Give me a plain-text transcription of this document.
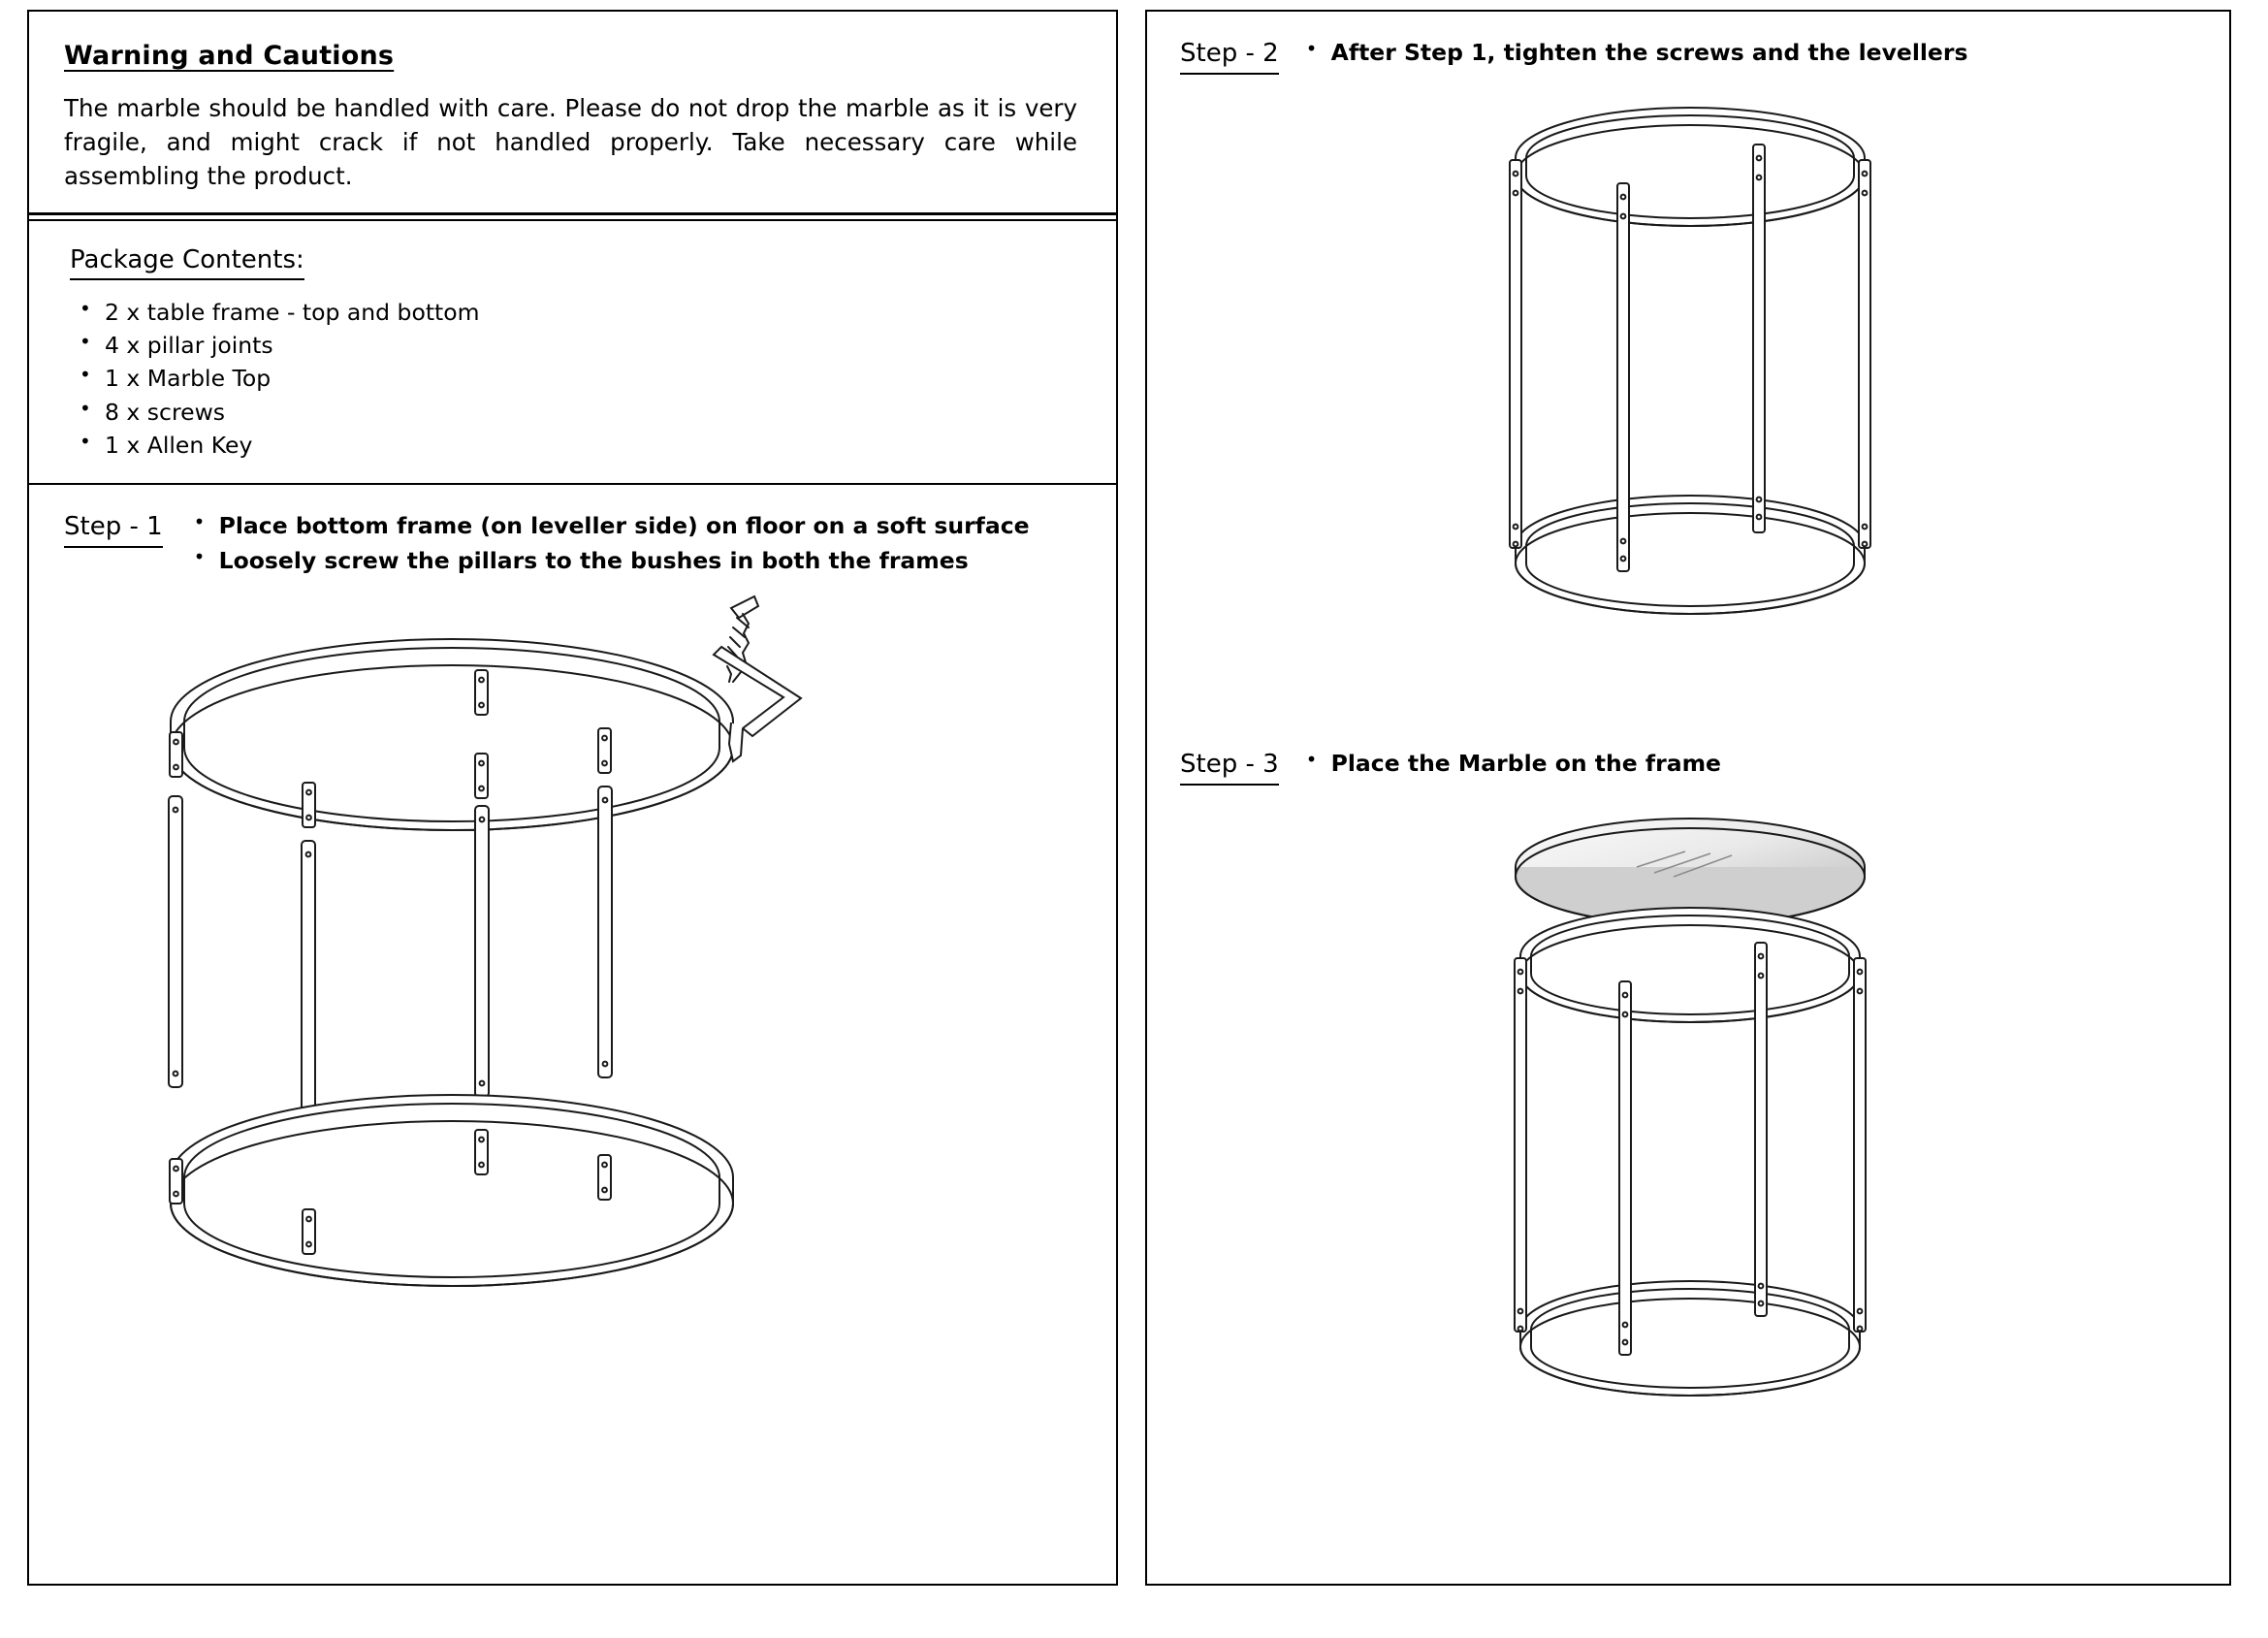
Warning and Cautions

The marble should be handled with care. Please do not drop the marble as it is very fragile, and might crack if not handled properly. Take necessary care while assembling the product.

Package Contents:
• 2 x table frame - top and bottom
• 4 x pillar joints
• 1 x Marble Top
• 8 x screws
• 1 x Allen Key
Step - 1	• Place bottom frame (on leveller side) on floor on a soft surface
• Loosely screw the pillars to the bushes in both the frames
Step - 2	• After Step 1, tighten the screws and the levellers
Step - 3	• Place the Marble on the frame
